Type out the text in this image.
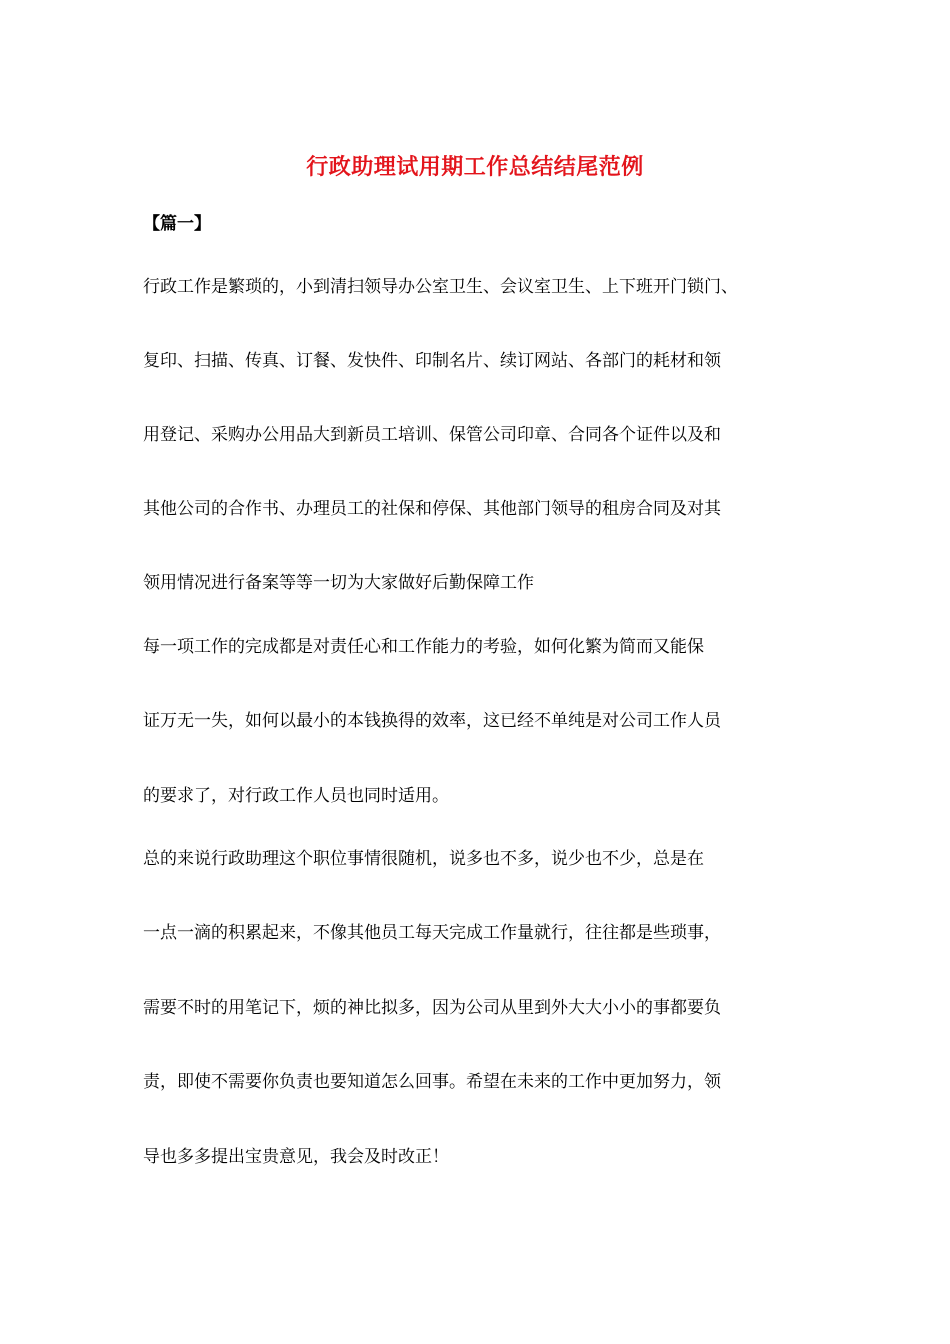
行政助理试用期工作总结结尾范例
【篇一】
行政工作是繁琐的，小到清扫领导办公室卫生、会议室卫生、上下班开门锁门、
复印、扫描、传真、订餐、发快件、印制名片、续订网站、各部门的耗材和领
用登记、采购办公用品大到新员工培训、保管公司印章、合同各个证件以及和
其他公司的合作书、办理员工的社保和停保、其他部门领导的租房合同及对其
领用情况进行备案等等一切为大家做好后勤保障工作
每一项工作的完成都是对责任心和工作能力的考验，如何化繁为简而又能保
证万无一失，如何以最小的本钱换得的效率，这已经不单纯是对公司工作人员
的要求了，对行政工作人员也同时适用。
总的来说行政助理这个职位事情很随机，说多也不多，说少也不少，总是在
一点一滴的积累起来，不像其他员工每天完成工作量就行，往往都是些琐事，
需要不时的用笔记下，烦的神比拟多，因为公司从里到外大大小小的事都要负
责，即使不需要你负责也要知道怎么回事。希望在未来的工作中更加努力，领
导也多多提出宝贵意见，我会及时改正！
